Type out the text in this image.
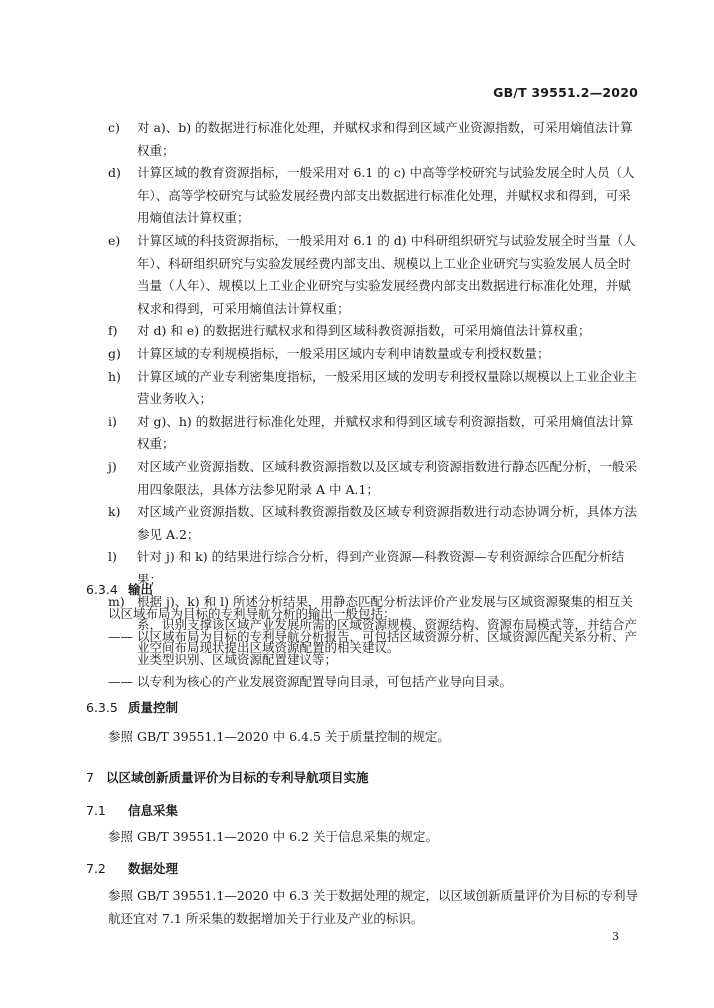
GB/T 39551.2—2020
c)	对 a)、b) 的数据进行标准化处理，并赋权求和得到区域产业资源指数，可采用熵值法计算权重；
d)	计算区域的教育资源指标，一般采用对 6.1 的 c) 中高等学校研究与试验发展全时人员（人年）、高等学校研究与试验发展经费内部支出数据进行标准化处理，并赋权求和得到，可采用熵值法计算权重；
e)	计算区域的科技资源指标，一般采用对 6.1 的 d) 中科研组织研究与试验发展全时当量（人年）、科研组织研究与实验发展经费内部支出、规模以上工业企业研究与实验发展人员全时当量（人年）、规模以上工业企业研究与实验发展经费内部支出数据进行标准化处理，并赋权求和得到，可采用熵值法计算权重；
f)	对 d) 和 e) 的数据进行赋权求和得到区域科教资源指数，可采用熵值法计算权重；
g)	计算区域的专利规模指标，一般采用区域内专利申请数量或专利授权数量；
h)	计算区域的产业专利密集度指标，一般采用区域的发明专利授权量除以规模以上工业企业主营业务收入；
i)	对 g)、h) 的数据进行标准化处理，并赋权求和得到区域专利资源指数，可采用熵值法计算权重；
j)	对区域产业资源指数、区域科教资源指数以及区域专利资源指数进行静态匹配分析，一般采用四象限法，具体方法参见附录 A 中 A.1；
k)	对区域产业资源指数、区域科教资源指数及区域专利资源指数进行动态协调分析，具体方法参见 A.2；
l)	针对 j) 和 k) 的结果进行综合分析，得到产业资源—科教资源—专利资源综合匹配分析结果；
m) 根据 j)、k) 和 l) 所述分析结果，用静态匹配分析法评价产业发展与区域资源聚集的相互关系，识别支撑该区域产业发展所需的区域资源规模、资源结构、资源布局模式等，并结合产业空间布局现状提出区域资源配置的相关建议。
6.3.4 输出
以区域布局为目标的专利导航分析的输出一般包括：
—— 以区域布局为目标的专利导航分析报告，可包括区域资源分析、区域资源匹配关系分析、产业类型识别、区域资源配置建议等；
—— 以专利为核心的产业发展资源配置导向目录，可包括产业导向目录。
6.3.5 质量控制
参照 GB/T 39551.1—2020 中 6.4.5 关于质量控制的规定。
7 以区域创新质量评价为目标的专利导航项目实施
7.1 信息采集
参照 GB/T 39551.1—2020 中 6.2 关于信息采集的规定。
7.2 数据处理
参照 GB/T 39551.1—2020 中 6.3 关于数据处理的规定，以区域创新质量评价为目标的专利导航还宜对 7.1 所采集的数据增加关于行业及产业的标识。
3
